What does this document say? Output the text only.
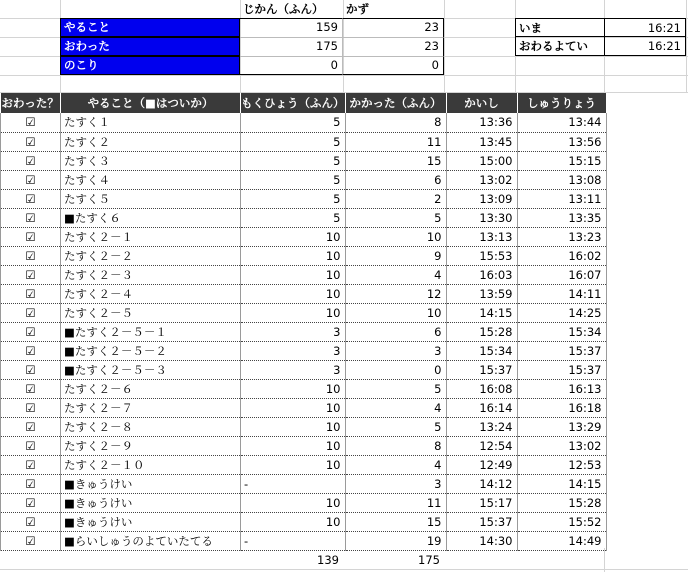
じかん（ふん）	かず
やること	159	23
おわった	175	23
のこり	0	0
いま	16:21
おわるよてい	16:21
おわった？	やること（■はついか）	もくひょう（ふん）	かかった（ふん）	かいし	しゅうりょう
☑	たすく１	5	8	13:36	13:44
☑	たすく２	5	11	13:45	13:56
☑	たすく３	5	15	15:00	15:15
☑	たすく４	5	6	13:02	13:08
☑	たすく５	5	2	13:09	13:11
☑	■たすく６	5	5	13:30	13:35
☑	たすく２－１	10	10	13:13	13:23
☑	たすく２－２	10	9	15:53	16:02
☑	たすく２－３	10	4	16:03	16:07
☑	たすく２－４	10	12	13:59	14:11
☑	たすく２－５	10	10	14:15	14:25
☑	■たすく２－５－１	3	6	15:28	15:34
☑	■たすく２－５－２	3	3	15:34	15:37
☑	■たすく２－５－３	3	0	15:37	15:37
☑	たすく２－６	10	5	16:08	16:13
☑	たすく２－７	10	4	16:14	16:18
☑	たすく２－８	10	5	13:24	13:29
☑	たすく２－９	10	8	12:54	13:02
☑	たすく２－１０	10	4	12:49	12:53
☑	■きゅうけい	-	3	14:12	14:15
☑	■きゅうけい	10	11	15:17	15:28
☑	■きゅうけい	10	15	15:37	15:52
☑	■らいしゅうのよていたてる	-	19	14:30	14:49
139	175
